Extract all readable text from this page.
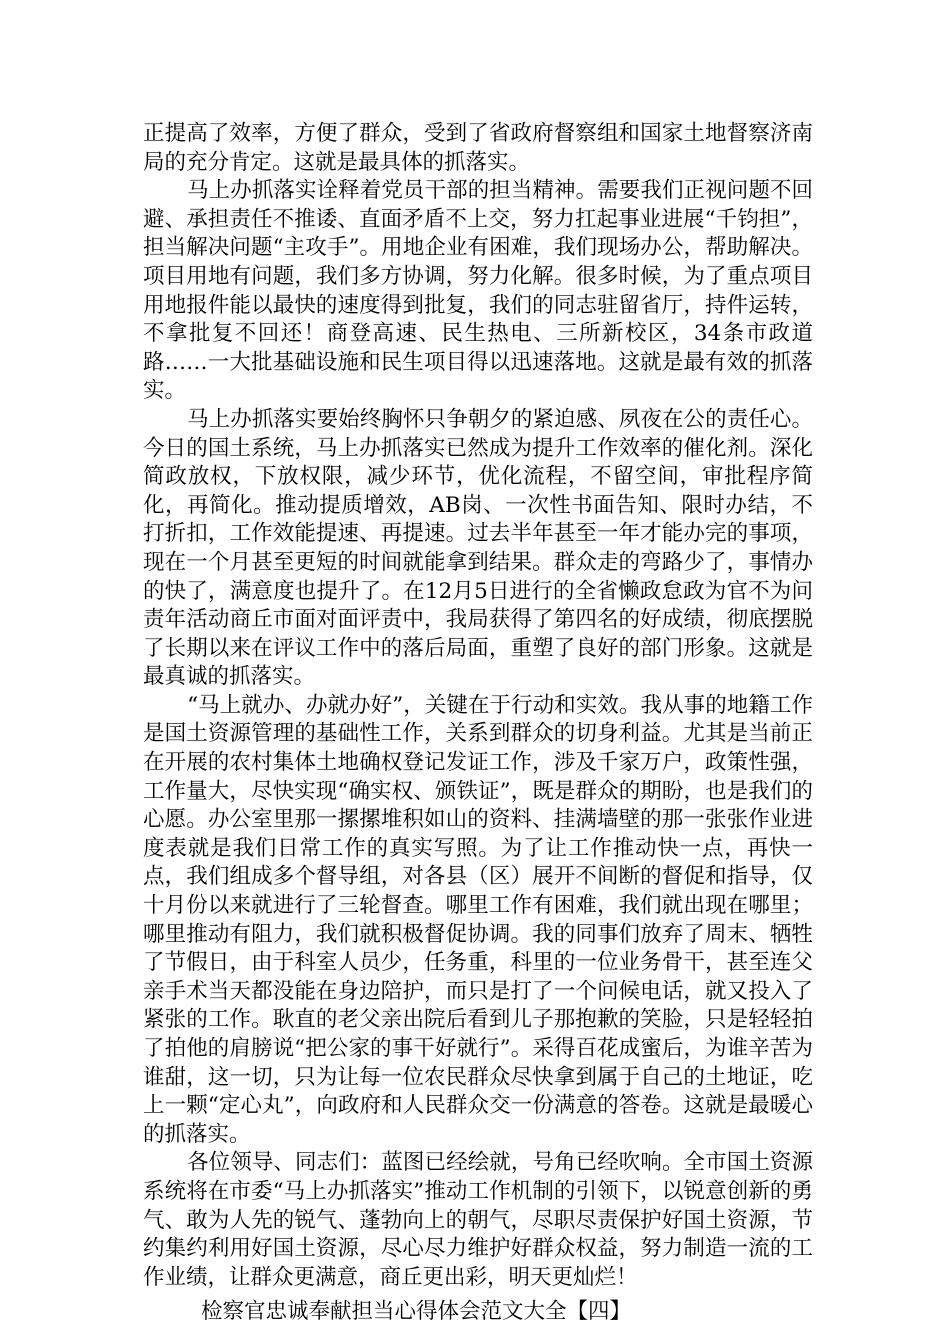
正提高了效率，方便了群众，受到了省政府督察组和国家土地督察济南局的充分肯定。这就是最具体的抓落实。

马上办抓落实诠释着党员干部的担当精神。需要我们正视问题不回避、承担责任不推诿、直面矛盾不上交，努力扛起事业进展“千钧担”，担当解决问题“主攻手”。用地企业有困难，我们现场办公，帮助解决。项目用地有问题，我们多方协调，努力化解。很多时候，为了重点项目用地报件能以最快的速度得到批复，我们的同志驻留省厅，持件运转，不拿批复不回还！商登高速、民生热电、三所新校区，34条市政道路……一大批基础设施和民生项目得以迅速落地。这就是最有效的抓落实。

马上办抓落实要始终胸怀只争朝夕的紧迫感、夙夜在公的责任心。今日的国土系统，马上办抓落实已然成为提升工作效率的催化剂。深化简政放权，下放权限，减少环节，优化流程，不留空间，审批程序简化，再简化。推动提质增效，AB岗、一次性书面告知、限时办结，不打折扣，工作效能提速、再提速。过去半年甚至一年才能办完的事项，现在一个月甚至更短的时间就能拿到结果。群众走的弯路少了，事情办的快了，满意度也提升了。在12月5日进行的全省懒政怠政为官不为问责年活动商丘市面对面评责中，我局获得了第四名的好成绩，彻底摆脱了长期以来在评议工作中的落后局面，重塑了良好的部门形象。这就是最真诚的抓落实。

“马上就办、办就办好”，关键在于行动和实效。我从事的地籍工作是国土资源管理的基础性工作，关系到群众的切身利益。尤其是当前正在开展的农村集体土地确权登记发证工作，涉及千家万户，政策性强，工作量大，尽快实现“确实权、颁铁证”，既是群众的期盼，也是我们的心愿。办公室里那一摞摞堆积如山的资料、挂满墙壁的那一张张作业进度表就是我们日常工作的真实写照。为了让工作推动快一点，再快一点，我们组成多个督导组，对各县（区）展开不间断的督促和指导，仅十月份以来就进行了三轮督查。哪里工作有困难，我们就出现在哪里；哪里推动有阻力，我们就积极督促协调。我的同事们放弃了周末、牺牲了节假日，由于科室人员少，任务重，科里的一位业务骨干，甚至连父亲手术当天都没能在身边陪护，而只是打了一个问候电话，就又投入了紧张的工作。耿直的老父亲出院后看到儿子那抱歉的笑脸，只是轻轻拍了拍他的肩膀说“把公家的事干好就行”。采得百花成蜜后，为谁辛苦为谁甜，这一切，只为让每一位农民群众尽快拿到属于自己的土地证，吃上一颗“定心丸”，向政府和人民群众交一份满意的答卷。这就是最暖心的抓落实。

各位领导、同志们：蓝图已经绘就，号角已经吹响。全市国土资源系统将在市委“马上办抓落实”推动工作机制的引领下，以锐意创新的勇气、敢为人先的锐气、蓬勃向上的朝气，尽职尽责保护好国土资源，节约集约利用好国土资源，尽心尽力维护好群众权益，努力制造一流的工作业绩，让群众更满意，商丘更出彩，明天更灿烂！

检察官忠诚奉献担当心得体会范文大全【四】
